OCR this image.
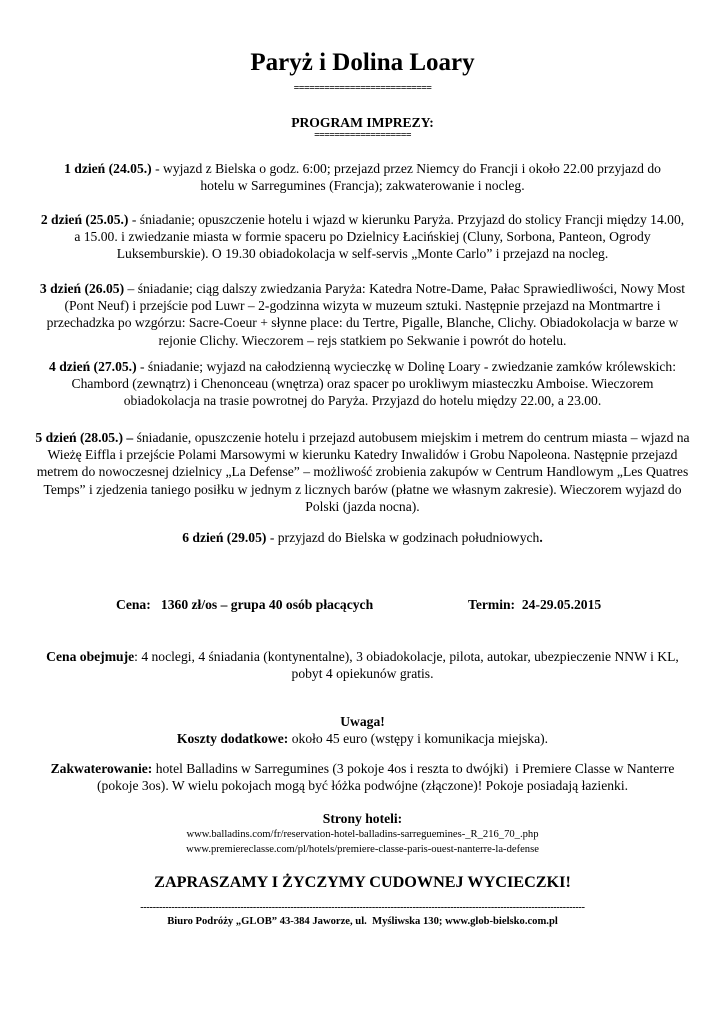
Paryż i Dolina Loary
===========================
PROGRAM IMPREZY:
===================

1 dzień (24.05.) - wyjazd z Bielska o godz. 6:00; przejazd przez Niemcy do Francji i około 22.00 przyjazd do hotelu w Sarregumines (Francja); zakwaterowanie i nocleg.

2 dzień (25.05.) - śniadanie; opuszczenie hotelu i wjazd w kierunku Paryża. Przyjazd do stolicy Francji między 14.00, a 15.00. i zwiedzanie miasta w formie spaceru po Dzielnicy Łacińskiej (Cluny, Sorbona, Panteon, Ogrody Luksemburskie). O 19.30 obiadokolacja w self-servis „Monte Carlo” i przejazd na nocleg.

3 dzień (26.05) – śniadanie; ciąg dalszy zwiedzania Paryża: Katedra Notre-Dame, Pałac Sprawiedliwości, Nowy Most (Pont Neuf) i przejście pod Luwr – 2-godzinna wizyta w muzeum sztuki. Następnie przejazd na Montmartre i przechadzka po wzgórzu: Sacre-Coeur + słynne place: du Tertre, Pigalle, Blanche, Clichy. Obiadokolacja w barze w rejonie Clichy. Wieczorem – rejs statkiem po Sekwanie i powrót do hotelu.

4 dzień (27.05.) - śniadanie; wyjazd na całodzienną wycieczkę w Dolinę Loary - zwiedzanie zamków królewskich: Chambord (zewnątrz) i Chenonceau (wnętrza) oraz spacer po urokliwym miasteczku Amboise. Wieczorem obiadokolacja na trasie powrotnej do Paryża. Przyjazd do hotelu między 22.00, a 23.00.

5 dzień (28.05.) – śniadanie, opuszczenie hotelu i przejazd autobusem miejskim i metrem do centrum miasta – wjazd na Wieżę Eiffla i przejście Polami Marsowymi w kierunku Katedry Inwalidów i Grobu Napoleona. Następnie przejazd metrem do nowoczesnej dzielnicy „La Defense” – możliwość zrobienia zakupów w Centrum Handlowym „Les Quatres Temps” i zjedzenia taniego posiłku w jednym z licznych barów (płatne we własnym zakresie). Wieczorem wyjazd do Polski (jazda nocna).

6 dzień (29.05) - przyjazd do Bielska w godzinach południowych.

Cena:   1360 zł/os – grupa 40 osób płacących	Termin:  24-29.05.2015

Cena obejmuje: 4 noclegi, 4 śniadania (kontynentalne), 3 obiadokolacje, pilota, autokar, ubezpieczenie NNW i KL, pobyt 4 opiekunów gratis.

Uwaga!

Koszty dodatkowe: około 45 euro (wstępy i komunikacja miejska).

Zakwaterowanie: hotel Balladins w Sarregumines (3 pokoje 4os i reszta to dwójki)  i Premiere Classe w Nanterre (pokoje 3os). W wielu pokojach mogą być łóżka podwójne (złączone)! Pokoje posiadają łazienki.

Strony hoteli:

www.balladins.com/fr/reservation-hotel-balladins-sarreguemines-_R_216_70_.php

www.premiereclasse.com/pl/hotels/premiere-classe-paris-ouest-nanterre-la-defense

ZAPRASZAMY I ŻYCZYMY CUDOWNEJ WYCIECZKI!
----------------------------------------------------------------------------------------------------------------------------------------------
Biuro Podróży „GLOB” 43-384 Jaworze, ul.  Myśliwska 130; www.glob-bielsko.com.pl
